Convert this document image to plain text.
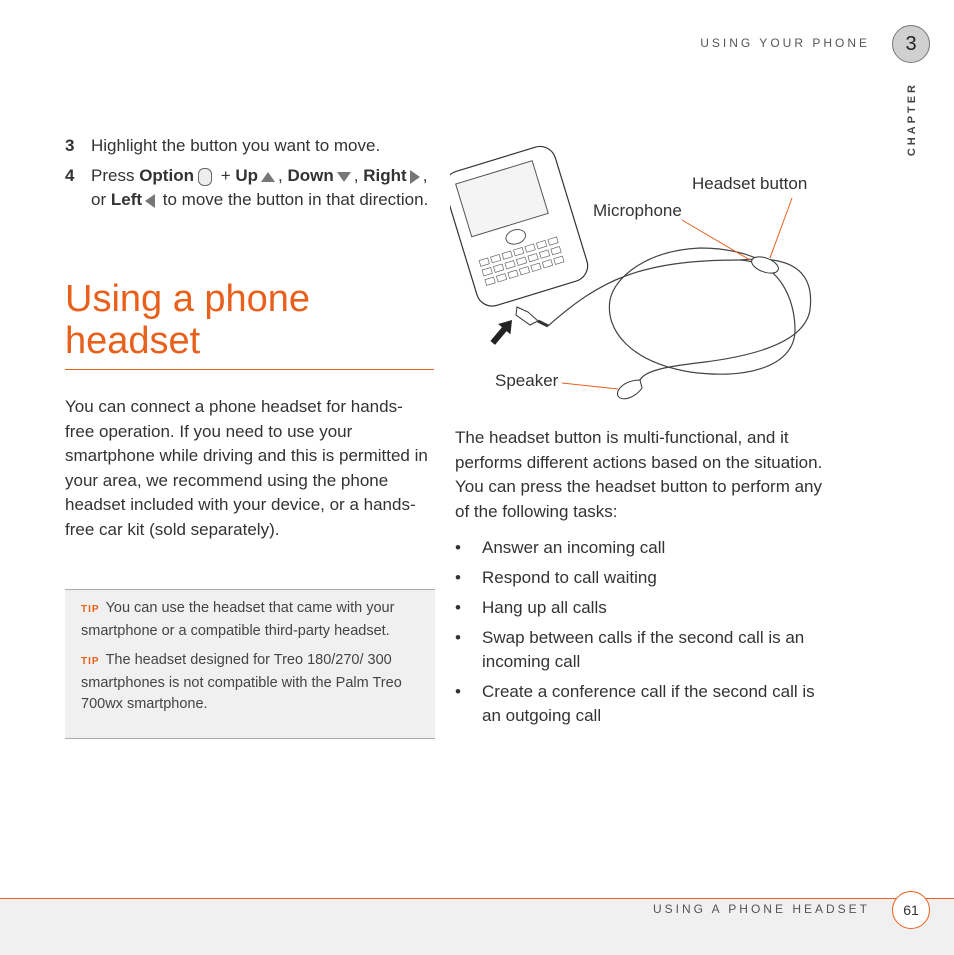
USING YOUR PHONE	3
CHAPTER
3 Highlight the button you want to move.
4 Press Option + Up , Down , Right , or Left to move the button in that direction.
Using a phone headset
You can connect a phone headset for hands-free operation. If you need to use your smartphone while driving and this is permitted in your area, we recommend using the phone headset included with your device, or a hands-free car kit (sold separately).
TIP You can use the headset that came with your smartphone or a compatible third-party headset.
TIP The headset designed for Treo 180/270/ 300 smartphones is not compatible with the Palm Treo 700wx smartphone.
Headset button
Microphone
Speaker
The headset button is multi-functional, and it performs different actions based on the situation. You can press the headset button to perform any of the following tasks:
• Answer an incoming call
• Respond to call waiting
• Hang up all calls
• Swap between calls if the second call is an incoming call
• Create a conference call if the second call is an outgoing call
USING A PHONE HEADSET	61
